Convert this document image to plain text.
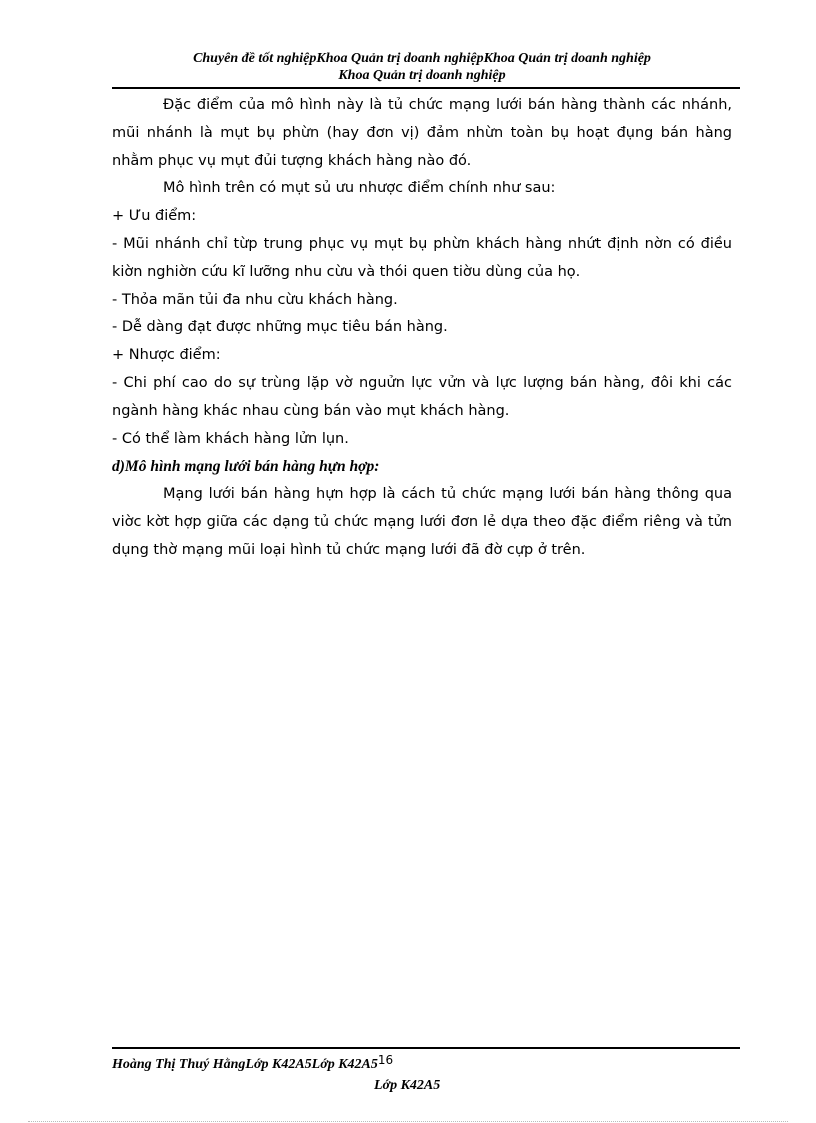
Chuyên đề tốt nghiệpKhoa Quản trị doanh nghiệpKhoa Quản trị doanh nghiệp
Khoa Quản trị doanh nghiệp

Đặc điểm của mô hình này là tủ chức mạng lưới bán hàng thành các nhánh, mũi nhánh là mụt bụ phừn (hay đơn vị) đảm nhừn toàn bụ hoạt đụng bán hàng nhằm phục vụ mụt đủi tượng khách hàng nào đó.

Mô hình trên có mụt sủ ưu nhược điểm chính như sau:

+ Ưu điểm:

- Mũi nhánh chỉ từp trung phục vụ mụt bụ phừn khách hàng nhứt định nờn có điều kiờn nghiờn cứu kĩ lưỡng nhu cừu và thói quen tiờu dùng của họ.

- Thỏa mãn tủi đa nhu cừu khách hàng.

- Dễ dàng đạt được những mục tiêu bán hàng.

+ Nhược điểm:

- Chi phí cao do sự trùng lặp vờ nguửn lực vửn và lực lượng bán hàng, đôi khi các ngành hàng khác nhau cùng bán vào mụt khách hàng.

- Có thể làm khách hàng lửn lụn.

d)Mô hình mạng lưới bán hàng hựn hợp:

Mạng lưới bán hàng hựn hợp là cách tủ chức mạng lưới bán hàng thông qua viờc kờt hợp giữa các dạng tủ chức mạng lưới đơn lẻ dựa theo đặc điểm riêng và tửn dụng thờ mạng mũi loại hình tủ chức mạng lưới đã đờ cựp ở trên.

Hoàng Thị Thuý HằngLớp K42A5Lớp K42A516
Lớp K42A5
